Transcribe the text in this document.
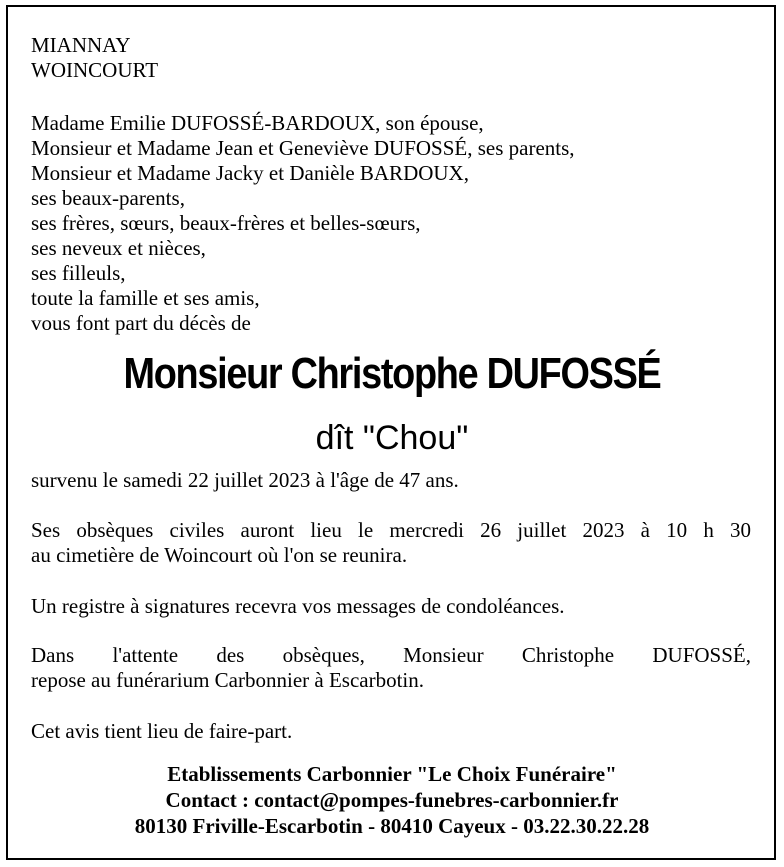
MIANNAY
WOINCOURT
Madame Emilie DUFOSSÉ-BARDOUX, son épouse,
Monsieur et Madame Jean et Geneviève DUFOSSÉ, ses parents,
Monsieur et Madame Jacky et Danièle BARDOUX,
ses beaux-parents,
ses frères, sœurs, beaux-frères et belles-sœurs,
ses neveux et nièces,
ses filleuls,
toute la famille et ses amis,
vous font part du décès de
Monsieur Christophe DUFOSSÉ
dît "Chou"
survenu le samedi 22 juillet 2023 à l'âge de 47 ans.
Ses obsèques civiles auront lieu le mercredi 26 juillet 2023 à 10 h 30
au cimetière de Woincourt où l'on se reunira.
Un registre à signatures recevra vos messages de condoléances.
Dans l'attente des obsèques, Monsieur Christophe DUFOSSÉ,
repose au funérarium Carbonnier à Escarbotin.
Cet avis tient lieu de faire-part.
Etablissements Carbonnier "Le Choix Funéraire"
Contact : contact@pompes-funebres-carbonnier.fr
80130 Friville-Escarbotin - 80410 Cayeux - 03.22.30.22.28
